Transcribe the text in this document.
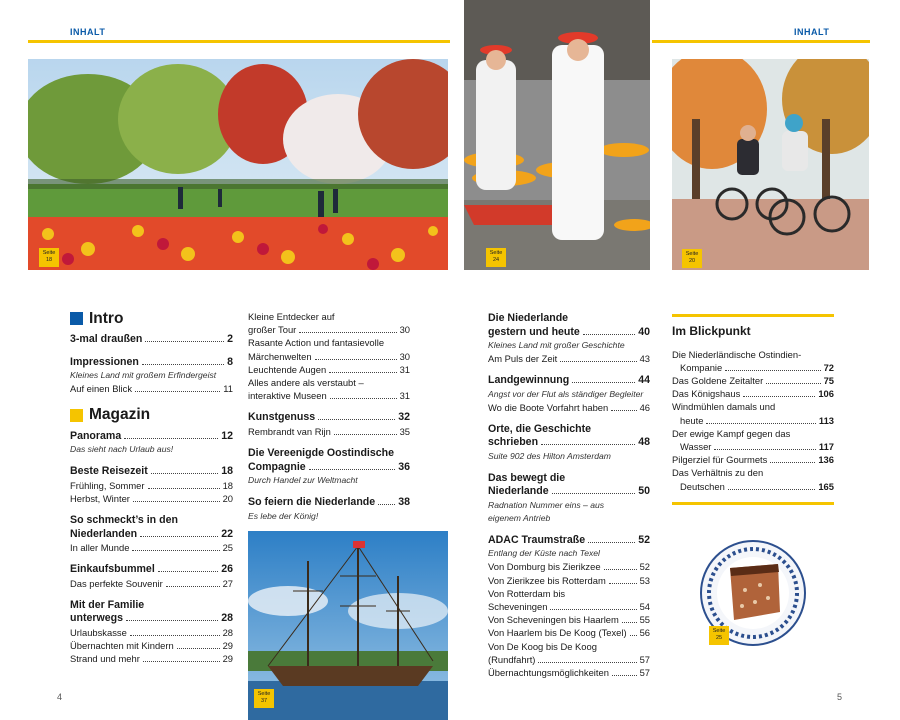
INHALT	INHALT
Seite 18
Seite 24
Seite 20
Intro
3-mal draußen	2
Impressionen	8
Kleines Land mit großem Erfindergeist
Auf einen Blick	11
Magazin
Panorama	12
Das sieht nach Urlaub aus!
Beste Reisezeit	18
Frühling, Sommer	18
Herbst, Winter	20
So schmeckt’s in den
Niederlanden	22
In aller Munde	25
Einkaufsbummel	26
Das perfekte Souvenir	27
Mit der Familie
unterwegs	28
Urlaubskasse	28
Übernachten mit Kindern	29
Strand und mehr	29
Kleine Entdecker auf
großer Tour	30
Rasante Action und fantasievolle
Märchenwelten	30
Leuchtende Augen	31
Alles andere als verstaubt –
interaktive Museen	31
Kunstgenuss	32
Rembrandt van Rijn	35
Die Vereenigde Oostindische
Compagnie	36
Durch Handel zur Weltmacht
So feiern die Niederlande 38
Es lebe der König!
Seite 37
Die Niederlande
gestern und heute	40
Kleines Land mit großer Geschichte
Am Puls der Zeit	43
Landgewinnung	44
Angst vor der Flut als ständiger Begleiter
Wo die Boote Vorfahrt haben	46
Orte, die Geschichte
schrieben	48
Suite 902 des Hilton Amsterdam
Das bewegt die
Niederlande	50
Radnation Nummer eins – aus
eigenem Antrieb
ADAC Traumstraße	52
Entlang der Küste nach Texel
Von Domburg bis Zierikzee	52
Von Zierikzee bis Rotterdam	53
Von Rotterdam bis
Scheveningen	54
Von Scheveningen bis Haarlem 55
Von Haarlem bis De Koog (Texel) 56
Von De Koog bis De Koog
(Rundfahrt)	57
Übernachtungsmöglichkeiten	57
Im Blickpunkt
Die Niederländische Ostindien-
Kompanie	72
Das Goldene Zeitalter	75
Das Königshaus	106
Windmühlen damals und
heute	113
Der ewige Kampf gegen das
Wasser	117
Pilgerziel für Gourmets	136
Das Verhältnis zu den
Deutschen	165
Seite 25
4	5
